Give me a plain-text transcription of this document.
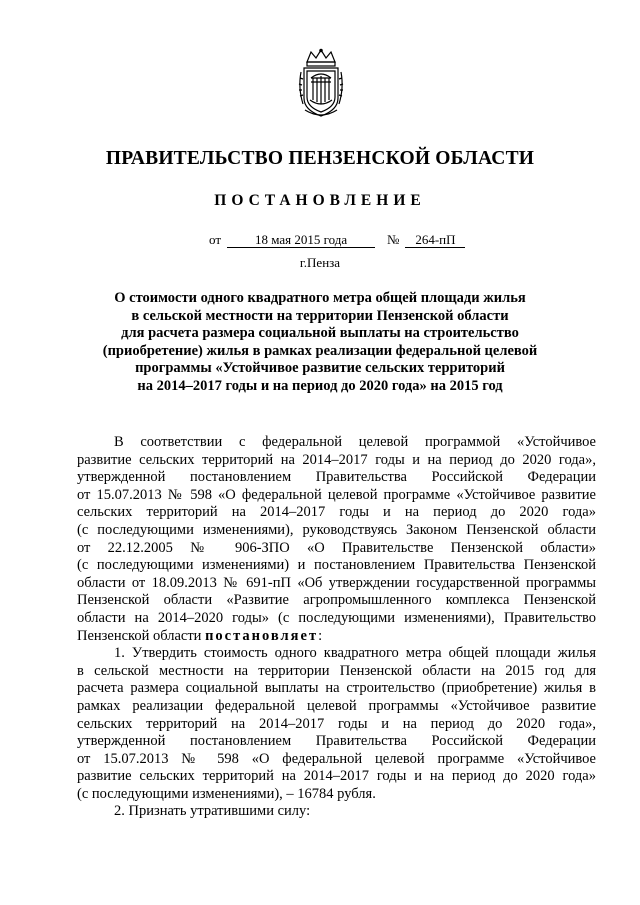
ПРАВИТЕЛЬСТВО ПЕНЗЕНСКОЙ ОБЛАСТИ
ПОСТАНОВЛЕНИЕ
от	18 мая 2015 года	№ 264-пП
г.Пенза
О стоимости одного квадратного метра общей площади жилья
в сельской местности на территории Пензенской области
для расчета размера социальной выплаты на строительство
(приобретение) жилья в рамках реализации федеральной целевой
программы «Устойчивое развитие сельских территорий
на 2014–2017 годы и на период до 2020 года» на 2015 год
В соответствии с федеральной целевой программой «Устойчивое
развитие сельских территорий на 2014–2017 годы и на период до 2020 года»,
утвержденной постановлением Правительства Российской Федерации
от 15.07.2013 № 598 «О федеральной целевой программе «Устойчивое развитие
сельских территорий на 2014–2017 годы и на период до 2020 года»
(с последующими изменениями), руководствуясь Законом Пензенской области
от 22.12.2005 № 906-ЗПО «О Правительстве Пензенской области»
(с последующими изменениями) и постановлением Правительства Пензенской
области от 18.09.2013 № 691-пП «Об утверждении государственной программы
Пензенской области «Развитие агропромышленного комплекса Пензенской
области на 2014–2020 годы» (с последующими изменениями), Правительство
Пензенской области постановляет:
1. Утвердить стоимость одного квадратного метра общей площади жилья
в сельской местности на территории Пензенской области на 2015 год для
расчета размера социальной выплаты на строительство (приобретение) жилья в
рамках реализации федеральной целевой программы «Устойчивое развитие
сельских территорий на 2014–2017 годы и на период до 2020 года»,
утвержденной постановлением Правительства Российской Федерации
от 15.07.2013 № 598 «О федеральной целевой программе «Устойчивое
развитие сельских территорий на 2014–2017 годы и на период до 2020 года»
(с последующими изменениями), – 16784 рубля.
2. Признать утратившими силу:
